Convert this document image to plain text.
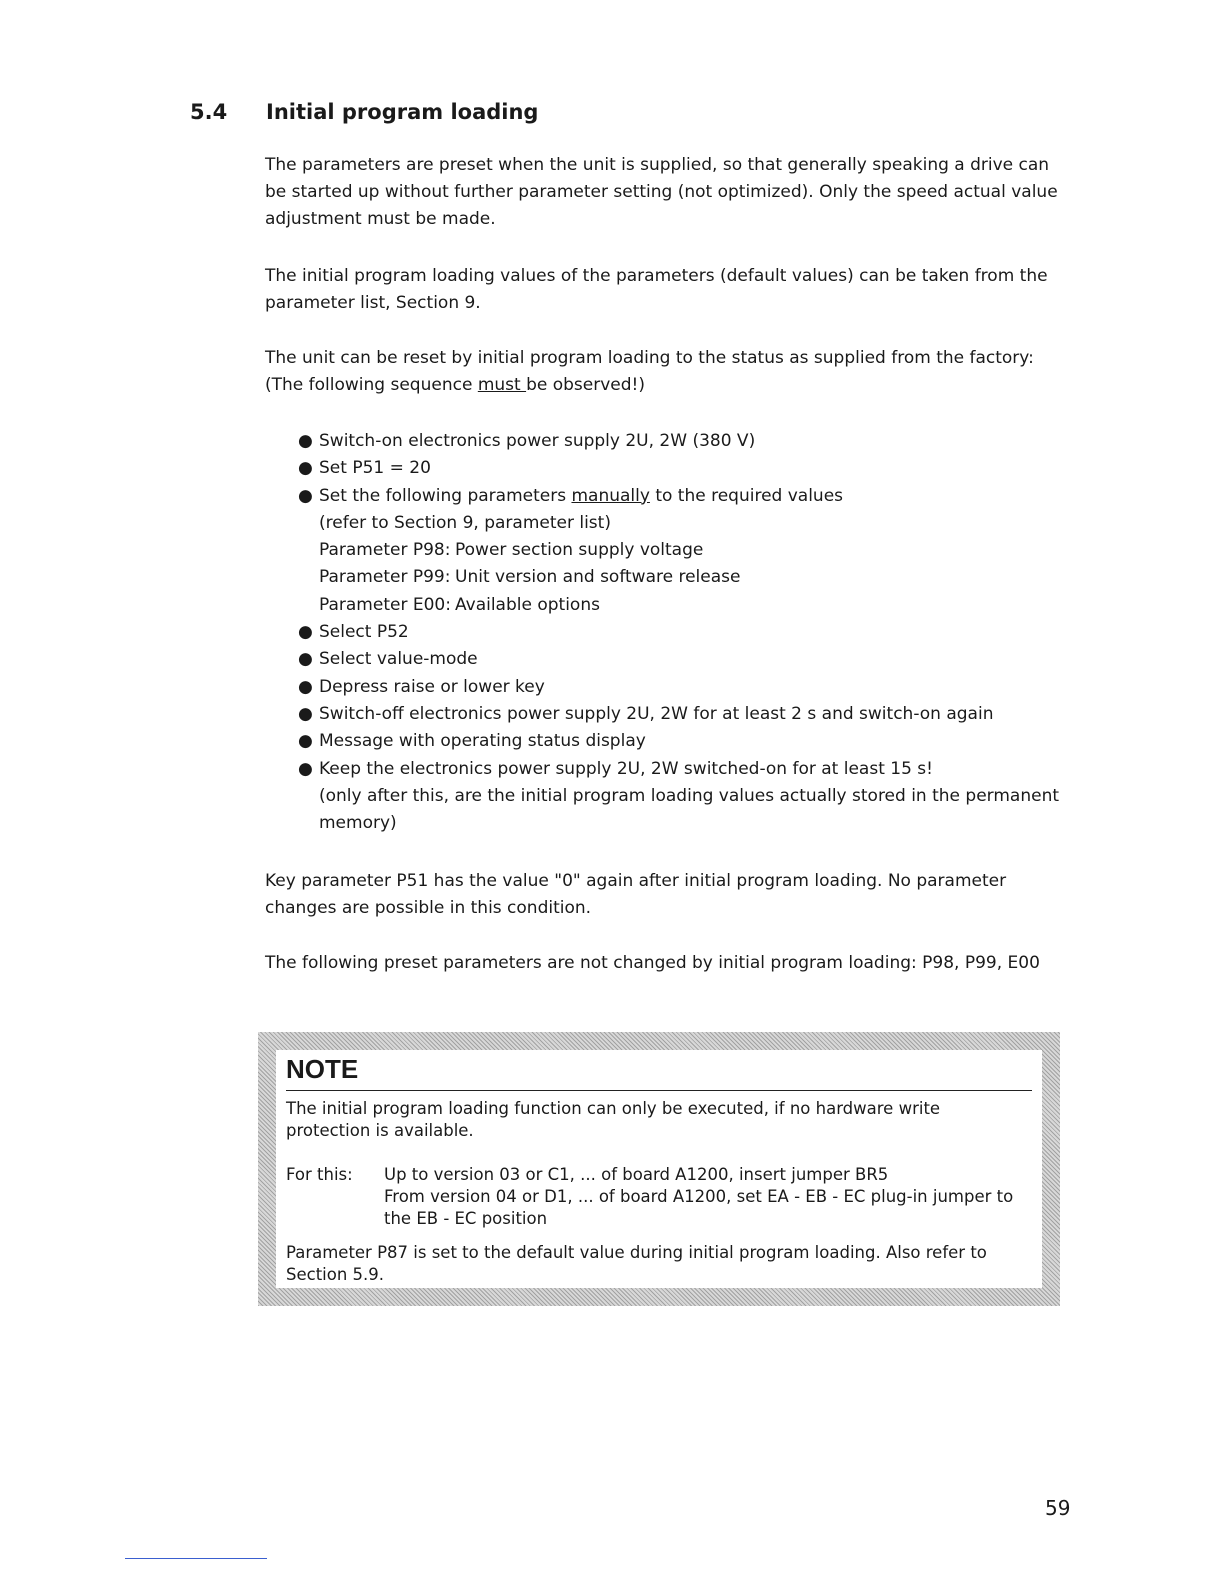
5.4 Initial program loading

The parameters are preset when the unit is supplied, so that generally speaking a drive can be started up without further parameter setting (not optimized). Only the speed actual value adjustment must be made.

The initial program loading values of the parameters (default values) can be taken from the parameter list, Section 9.

The unit can be reset by initial program loading to the status as supplied from the factory:
(The following sequence must be observed!)

● Switch-on electronics power supply 2U, 2W (380 V)
● Set P51 = 20
● Set the following parameters manually to the required values
(refer to Section 9, parameter list)
Parameter P98: Power section supply voltage
Parameter P99: Unit version and software release
Parameter E00: Available options
● Select P52
● Select value-mode
● Depress raise or lower key
● Switch-off electronics power supply 2U, 2W for at least 2 s and switch-on again
● Message with operating status display
● Keep the electronics power supply 2U, 2W switched-on for at least 15 s!
(only after this, are the initial program loading values actually stored in the permanent memory)

Key parameter P51 has the value "0" again after initial program loading. No parameter changes are possible in this condition.

The following preset parameters are not changed by initial program loading: P98, P99, E00

NOTE

The initial program loading function can only be executed, if no hardware write protection is available.

For this: Up to version 03 or C1, ... of board A1200, insert jumper BR5
From version 04 or D1, ... of board A1200, set EA - EB - EC plug-in jumper to the EB - EC position

Parameter P87 is set to the default value during initial program loading. Also refer to Section 5.9.

59
